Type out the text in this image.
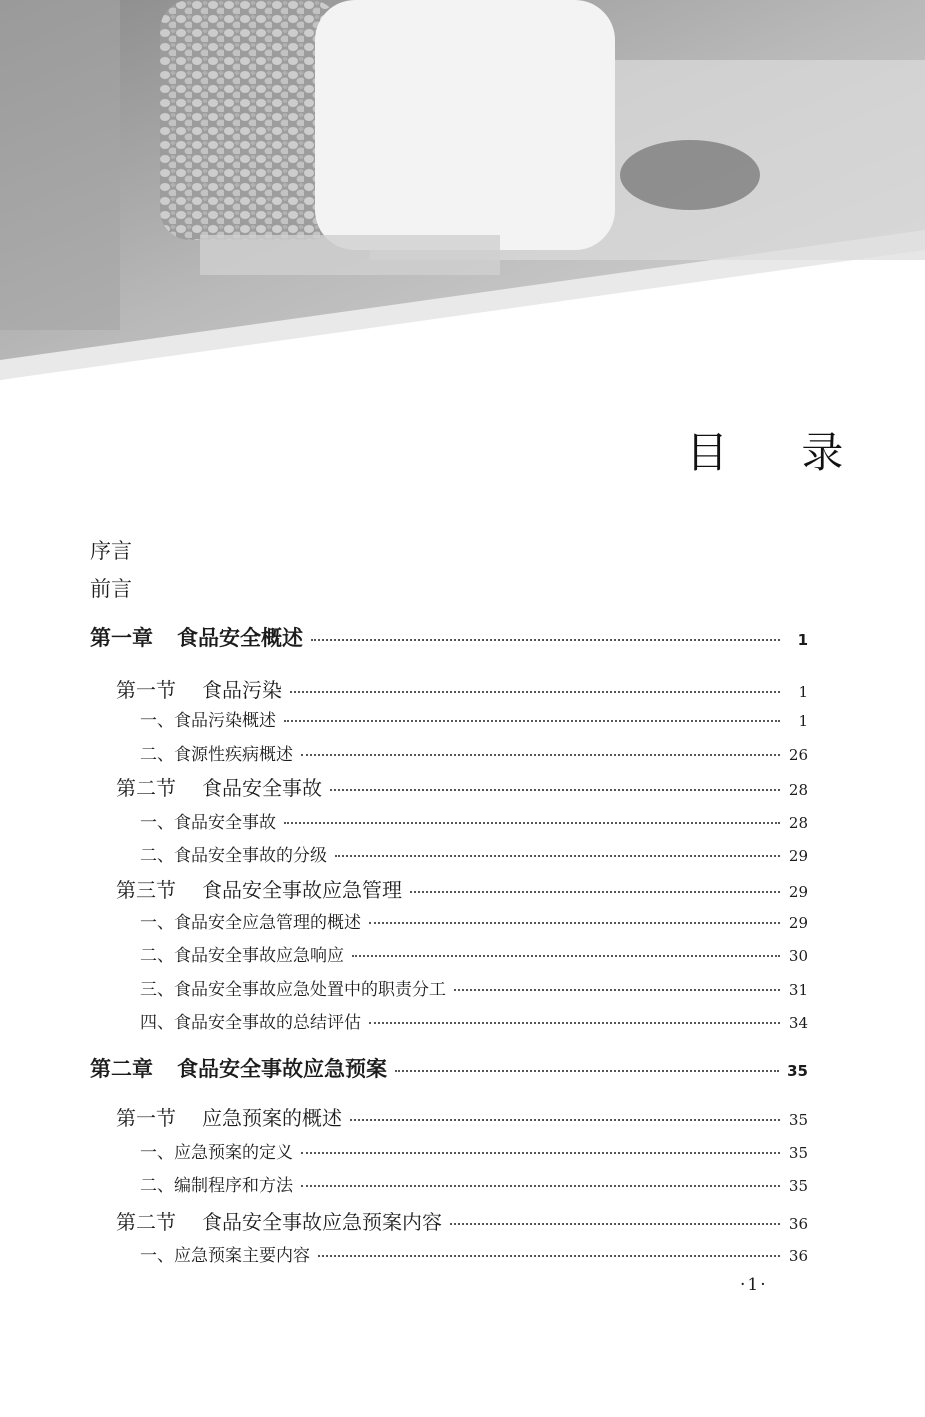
目 录
序言
前言
第一章 食品安全概述	1
第一节 食品污染	1
一、食品污染概述	1
二、食源性疾病概述	26
第二节 食品安全事故	28
一、食品安全事故	28
二、食品安全事故的分级	29
第三节 食品安全事故应急管理	29
一、食品安全应急管理的概述	29
二、食品安全事故应急响应	30
三、食品安全事故应急处置中的职责分工	31
四、食品安全事故的总结评估	34
第二章 食品安全事故应急预案	35
第一节 应急预案的概述	35
一、应急预案的定义	35
二、编制程序和方法	35
第二节 食品安全事故应急预案内容	36
一、应急预案主要内容	36
·1·
